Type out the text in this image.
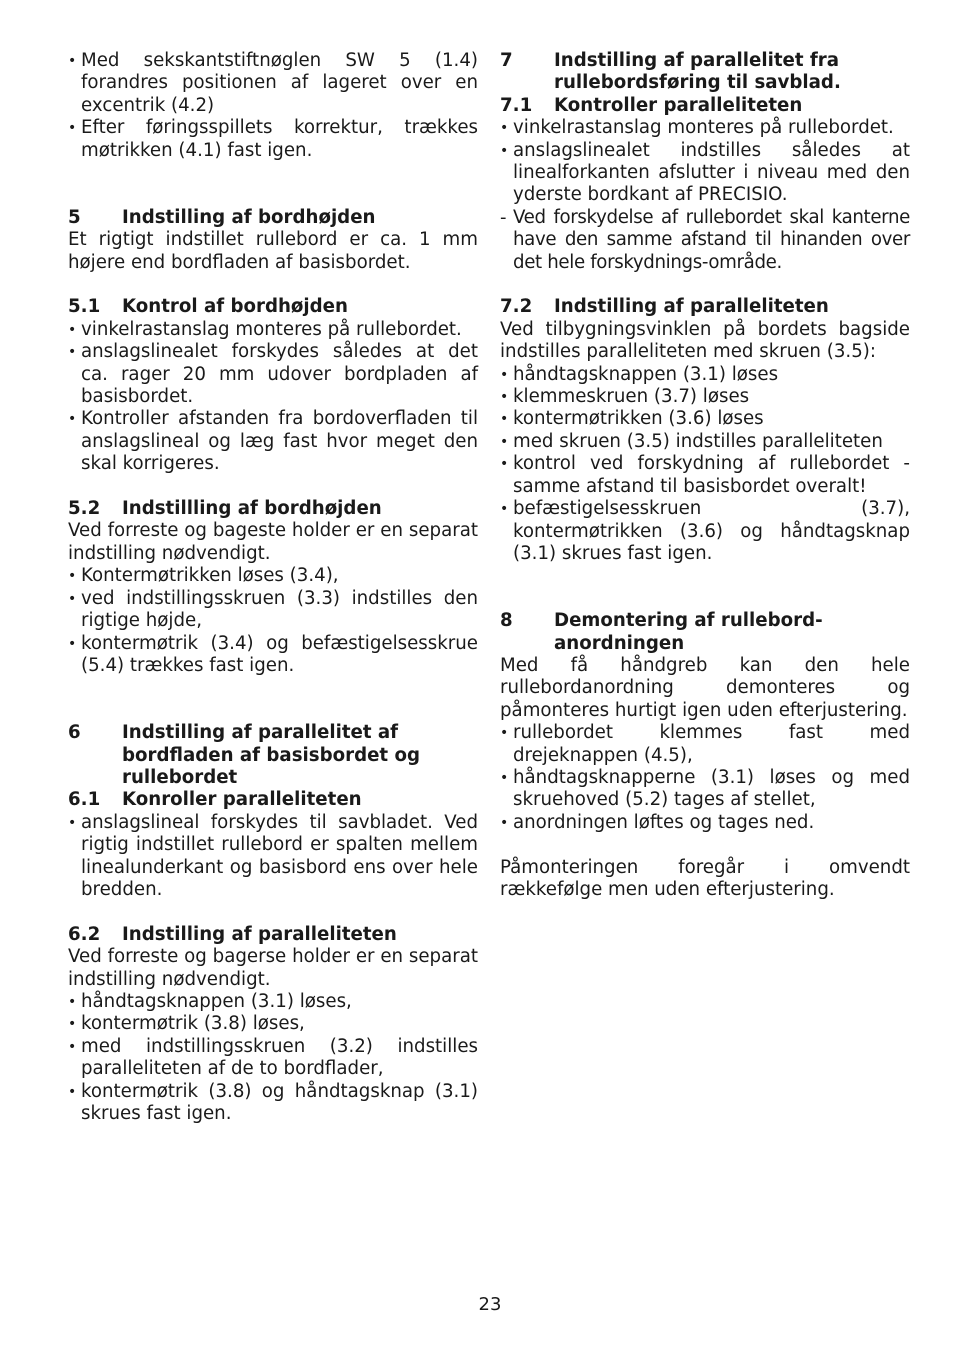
• Med sekskantstiftnøglen SW 5 (1.4) forandres positionen af lageret over en excentrik (4.2)
• Efter føringsspillets korrektur, trækkes møtrikken (4.1) fast igen.
5	Indstilling af bordhøjden
Et rigtigt indstillet rullebord er ca. 1 mm højere end bordfladen af basisbordet.
5.1	Kontrol af bordhøjden
• vinkelrastanslag monteres på rullebordet.
• anslagslinealet forskydes således at det ca. rager 20 mm udover bordpladen af basisbordet.
• Kontroller afstanden fra bordoverfladen til anslagslineal og læg fast hvor meget den skal korrigeres.
5.2	Indstillling af bordhøjden
Ved forreste og bageste holder er en separat indstilling nødvendigt.
• Kontermøtrikken løses (3.4),
• ved indstillingsskruen (3.3) indstilles den rigtige højde,
• kontermøtrik (3.4) og befæstigelsesskrue (5.4) trækkes fast igen.
6	Indstilling af parallelitet af bordfladen af basisbordet og rullebordet
6.1	Konroller paralleliteten
• anslagslineal forskydes til savbladet. Ved rigtig indstillet rullebord er spalten mellem linealunderkant og basisbord ens over hele bredden.
6.2	Indstilling af paralleliteten
Ved forreste og bagerse holder er en separat indstilling nødvendigt.
• håndtagsknappen (3.1) løses,
• kontermøtrik (3.8) løses,
• med indstillingsskruen (3.2) indstilles paralleliteten af de to bordflader,
• kontermøtrik (3.8) og håndtagsknap (3.1) skrues fast igen.
7	Indstilling af parallelitet fra rullebordsføring til savblad.
7.1	Kontroller paralleliteten
• vinkelrastanslag monteres på rullebordet.
• anslagslinealet indstilles således at linealforkanten afslutter i niveau med den yderste bordkant af PRECISIO.
- Ved forskydelse af rullebordet skal kanterne have den samme afstand til hinanden over det hele forskydnings-område.
7.2	Indstilling af paralleliteten
Ved tilbygningsvinklen på bordets bagside indstilles paralleliteten med skruen (3.5):
• håndtagsknappen (3.1) løses
• klemmeskruen (3.7) løses
• kontermøtrikken (3.6) løses
• med skruen (3.5) indstilles paralleliteten
• kontrol ved forskydning af rullebordet - samme afstand til basisbordet overalt!
• befæstigelsesskruen (3.7), kontermøtrikken (3.6) og håndtagsknap (3.1) skrues fast igen.
8	Demontering af rullebord-anordningen
Med få håndgreb kan den hele rullebordanordning demonteres og påmonteres hurtigt igen uden efterjustering.
• rullebordet klemmes fast med drejeknappen (4.5),
• håndtagsknapperne (3.1) løses og med skruehoved (5.2) tages af stellet,
• anordningen løftes og tages ned.
Påmonteringen foregår i omvendt rækkefølge men uden efterjustering.
23
